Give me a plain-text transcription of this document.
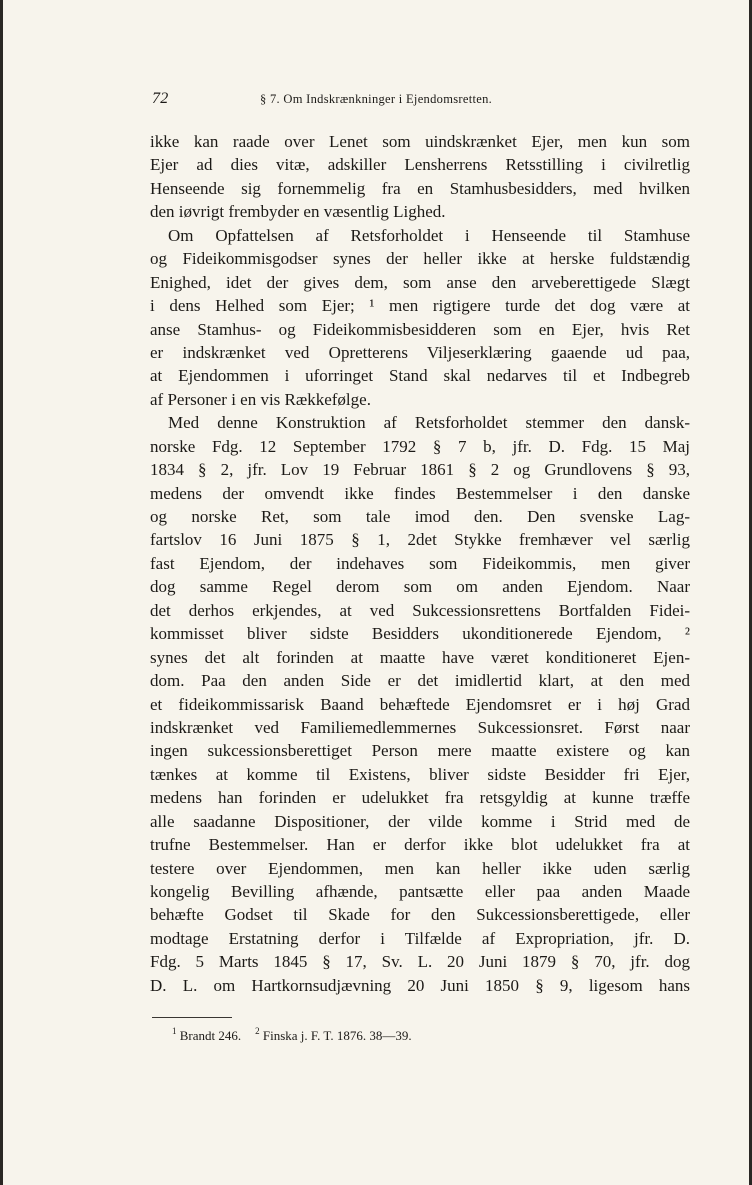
72	§ 7. Om Indskrænkninger i Ejendomsretten.
ikke kan raade over Lenet som uindskrænket Ejer, men kun som
Ejer ad dies vitæ, adskiller Lensherrens Retsstilling i civilretlig
Henseende sig fornemmelig fra en Stamhusbesidders, med hvilken
den iøvrigt frembyder en væsentlig Lighed.
Om Opfattelsen af Retsforholdet i Henseende til Stamhuse
og Fideikommisgodser synes der heller ikke at herske fuldstændig
Enighed, idet der gives dem, som anse den arveberettigede Slægt
i dens Helhed som Ejer; ¹ men rigtigere turde det dog være at
anse Stamhus- og Fideikommisbesidderen som en Ejer, hvis Ret
er indskrænket ved Opretterens Viljeserklæring gaaende ud paa,
at Ejendommen i uforringet Stand skal nedarves til et Indbegreb
af Personer i en vis Rækkefølge.
Med denne Konstruktion af Retsforholdet stemmer den dansk-
norske Fdg. 12 September 1792 § 7 b, jfr. D. Fdg. 15 Maj
1834 § 2, jfr. Lov 19 Februar 1861 § 2 og Grundlovens § 93,
medens der omvendt ikke findes Bestemmelser i den danske
og norske Ret, som tale imod den. Den svenske Lag-
fartslov 16 Juni 1875 § 1, 2det Stykke fremhæver vel særlig
fast Ejendom, der indehaves som Fideikommis, men giver
dog samme Regel derom som om anden Ejendom. Naar
det derhos erkjendes, at ved Sukcessionsrettens Bortfalden Fidei-
kommisset bliver sidste Besidders ukonditionerede Ejendom, ²
synes det alt forinden at maatte have været konditioneret Ejen-
dom. Paa den anden Side er det imidlertid klart, at den med
et fideikommissarisk Baand behæftede Ejendomsret er i høj Grad
indskrænket ved Familiemedlemmernes Sukcessionsret. Først naar
ingen sukcessionsberettiget Person mere maatte existere og kan
tænkes at komme til Existens, bliver sidste Besidder fri Ejer,
medens han forinden er udelukket fra retsgyldig at kunne træffe
alle saadanne Dispositioner, der vilde komme i Strid med de
trufne Bestemmelser. Han er derfor ikke blot udelukket fra at
testere over Ejendommen, men kan heller ikke uden særlig
kongelig Bevilling afhænde, pantsætte eller paa anden Maade
behæfte Godset til Skade for den Sukcessionsberettigede, eller
modtage Erstatning derfor i Tilfælde af Expropriation, jfr. D.
Fdg. 5 Marts 1845 § 17, Sv. L. 20 Juni 1879 § 70, jfr. dog
D. L. om Hartkornsudjævning 20 Juni 1850 § 9, ligesom hans
$^1$ Brandt 246. $^2$ Finska j. F. T. 1876. 38—39.
